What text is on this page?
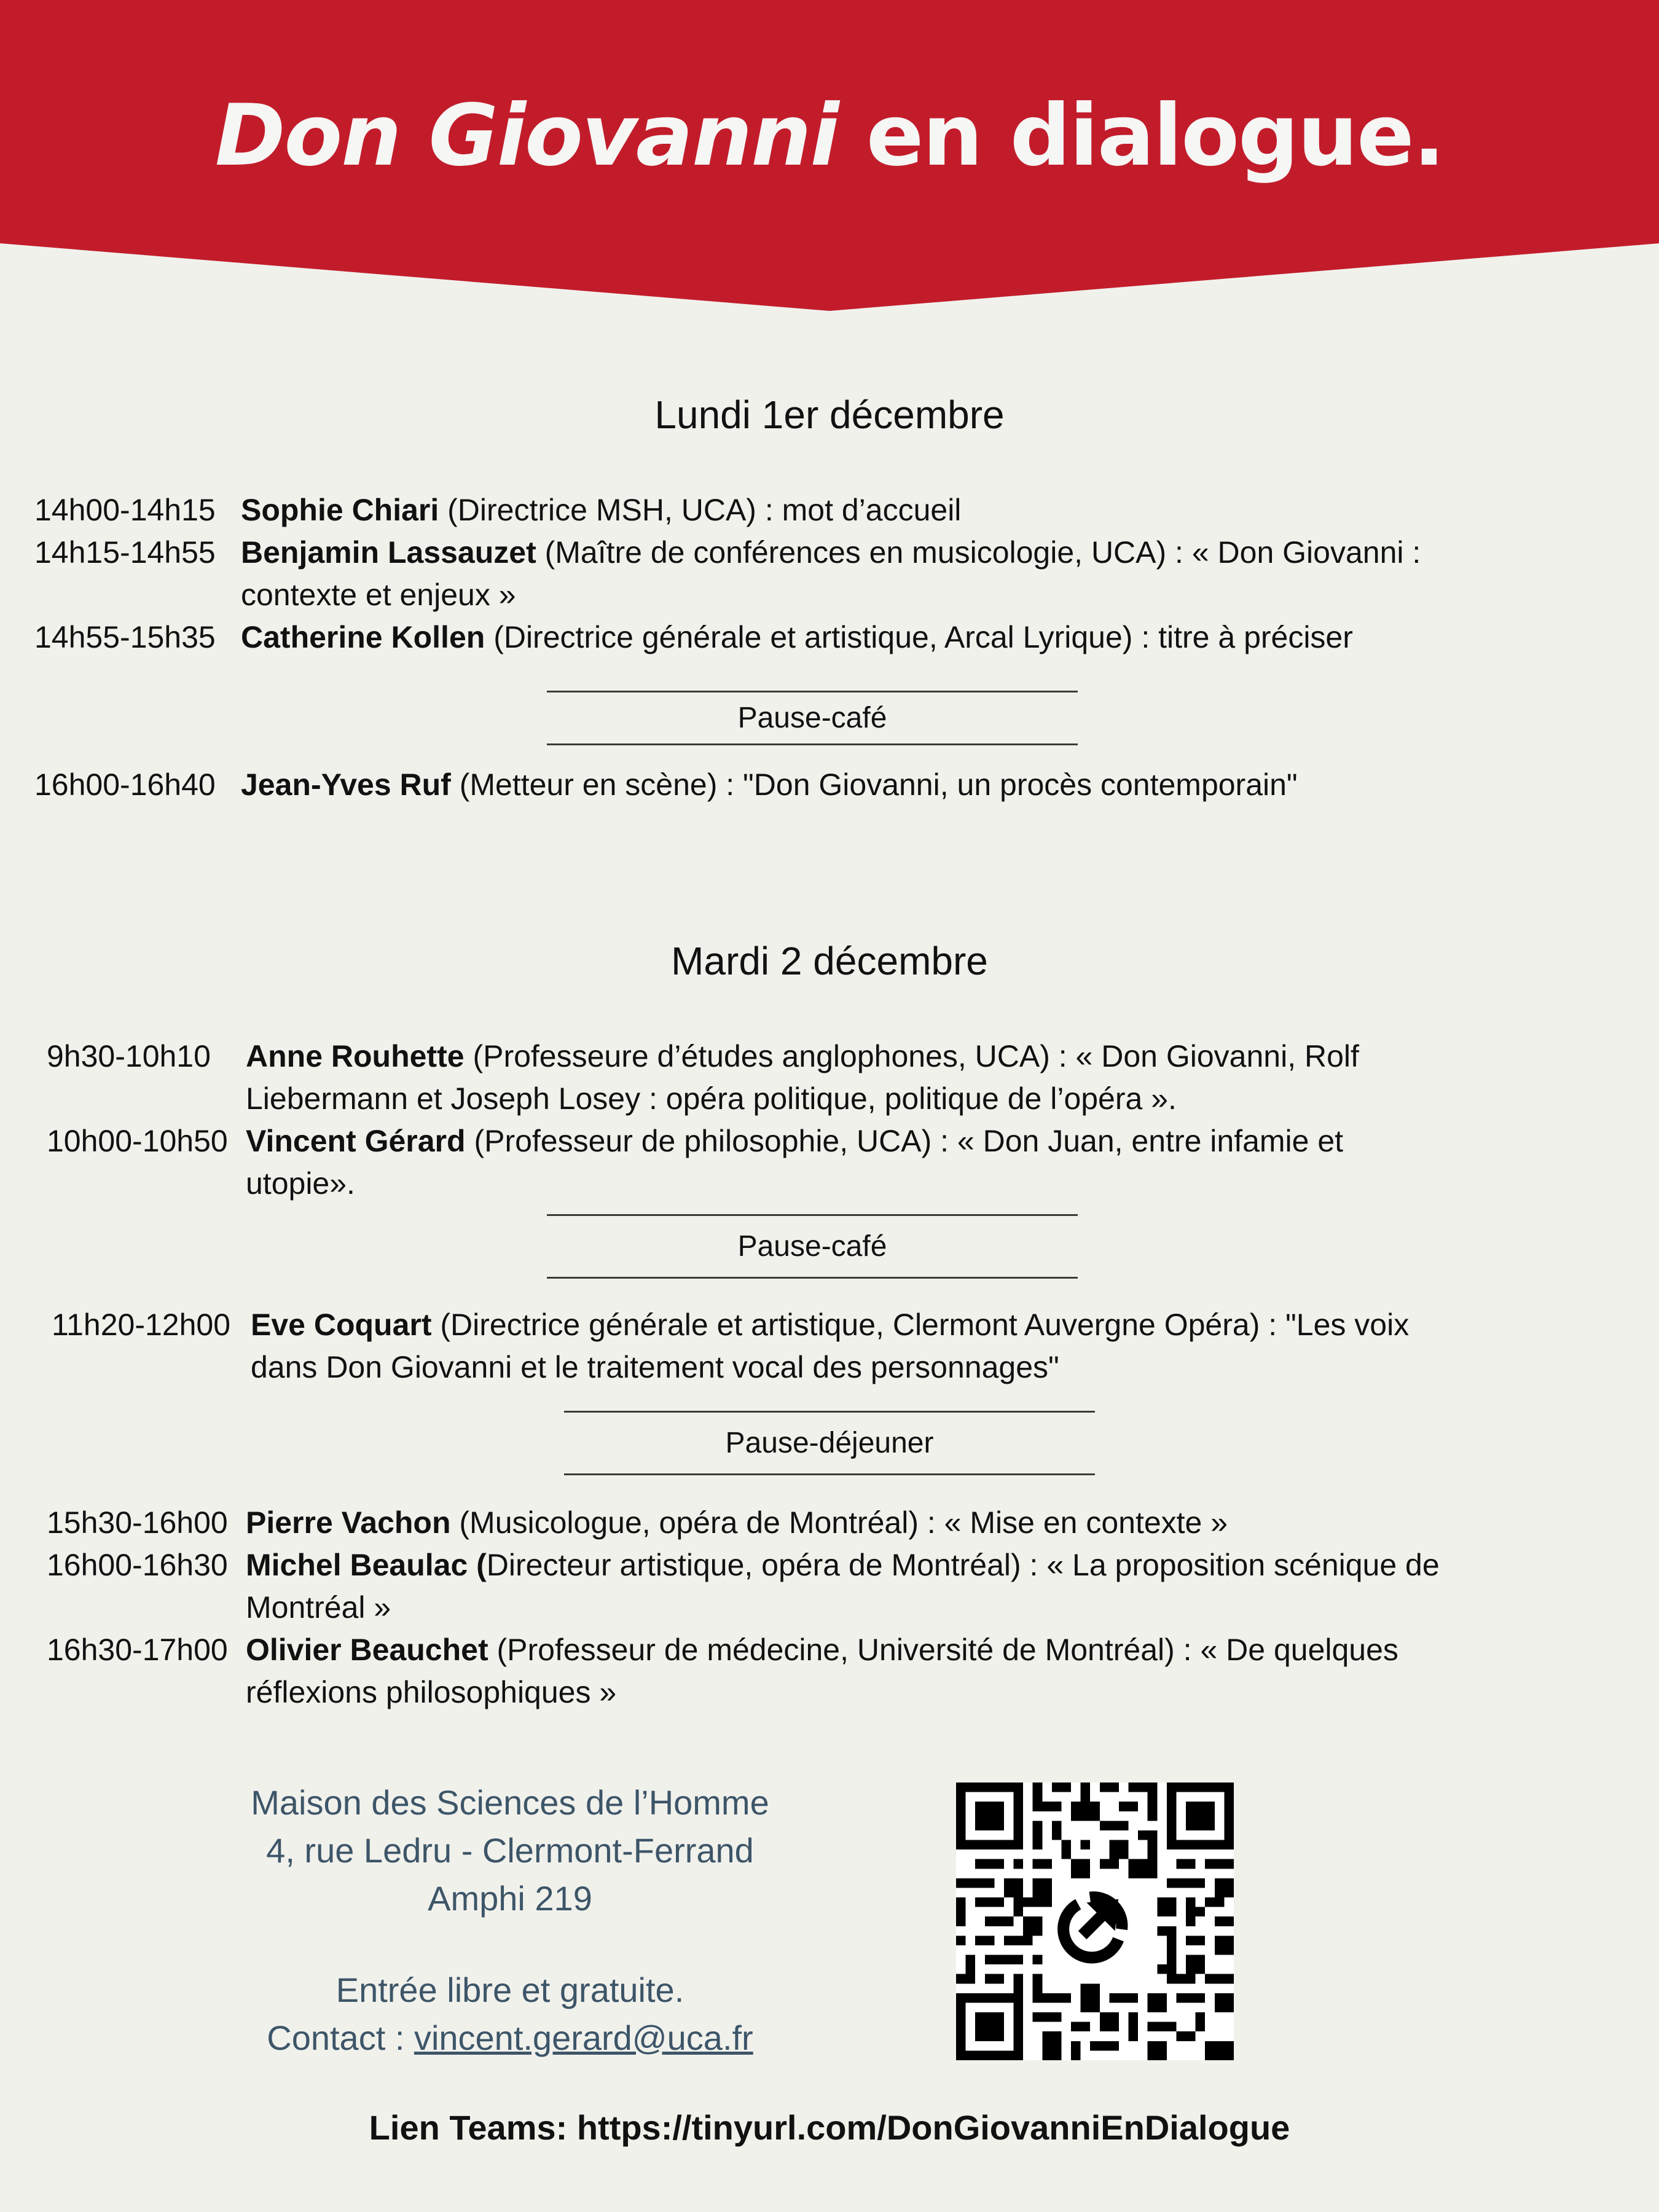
Don Giovanni en dialogue.
Lundi 1er décembre
14h00-14h15 Sophie Chiari (Directrice MSH, UCA) : mot d’accueil
14h15-14h55 Benjamin Lassauzet (Maître de conférences en musicologie, UCA) : « Don Giovanni : contexte et enjeux »
14h55-15h35 Catherine Kollen (Directrice générale et artistique, Arcal Lyrique) : titre à préciser
Pause-café
16h00-16h40 Jean-Yves Ruf (Metteur en scène) : "Don Giovanni, un procès contemporain"
Mardi 2 décembre
9h30-10h10	Anne Rouhette (Professeure d’études anglophones, UCA) : « Don Giovanni, Rolf Liebermann et Joseph Losey : opéra politique, politique de l’opéra ».
10h00-10h50 Vincent Gérard (Professeur de philosophie, UCA) : « Don Juan, entre infamie et utopie».
Pause-café
11h20-12h00 Eve Coquart (Directrice générale et artistique, Clermont Auvergne Opéra) : "Les voix dans Don Giovanni et le traitement vocal des personnages"
Pause-déjeuner
15h30-16h00 Pierre Vachon (Musicologue, opéra de Montréal) : « Mise en contexte »
16h00-16h30 Michel Beaulac (Directeur artistique, opéra de Montréal) : « La proposition scénique de Montréal »
16h30-17h00 Olivier Beauchet (Professeur de médecine, Université de Montréal) : « De quelques réflexions philosophiques »
Maison des Sciences de l’Homme
4, rue Ledru - Clermont-Ferrand
Amphi 219
Entrée libre et gratuite.
Contact : vincent.gerard@uca.fr
Lien Teams: https://tinyurl.com/DonGiovanniEnDialogue
